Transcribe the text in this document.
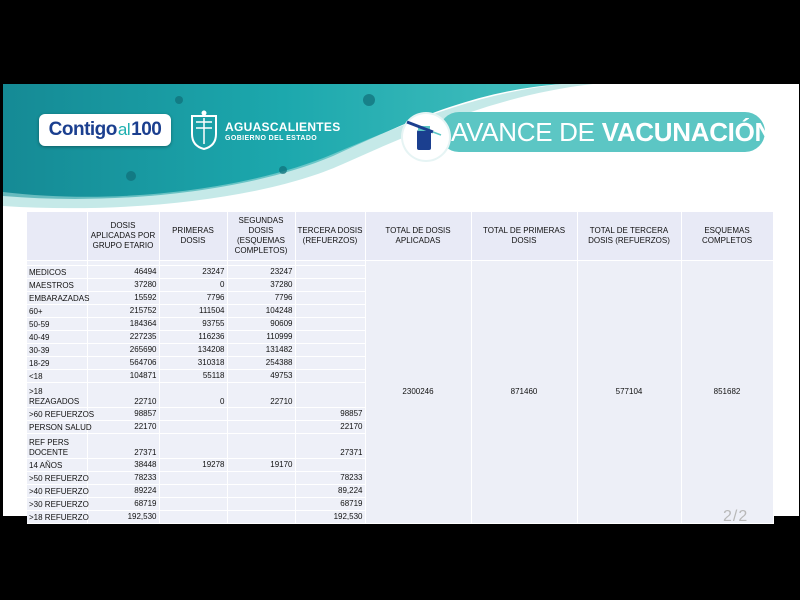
Contigo al 100	AGUASCALIENTES
GOBIERNO DEL ESTADO	AVANCE DE VACUNACIÓN
	DOSIS APLICADAS POR GRUPO ETARIO	PRIMERAS DOSIS	SEGUNDAS DOSIS (ESQUEMAS COMPLETOS)	TERCERA DOSIS (REFUERZOS)	TOTAL DE DOSIS APLICADAS	TOTAL DE PRIMERAS DOSIS	TOTAL DE TERCERA DOSIS (REFUERZOS)	ESQUEMAS COMPLETOS
					2300246	871460	577104	851682
MEDICOS	46494	23247	23247					
MAESTROS	37280	0	37280					
EMBARAZADAS	15592	7796	7796					
60+	215752	111504	104248					
50-59	184364	93755	90609					
40-49	227235	116236	110999					
30-39	265690	134208	131482					
18-29	564706	310318	254388					
<18	104871	55118	49753					
>18 REZAGADOS	22710	0	22710					
>60 REFUERZOS	98857			98857				
PERSON SALUD	22170			22170				
REF PERS DOCENTE	27371			27371				
14 AÑOS	38448	19278	19170					
>50 REFUERZO	78233			78233				
>40 REFUERZO	89224			89,224				
>30 REFUERZO	68719			68719				
>18 REFUERZO	192,530			192,530					2/2
